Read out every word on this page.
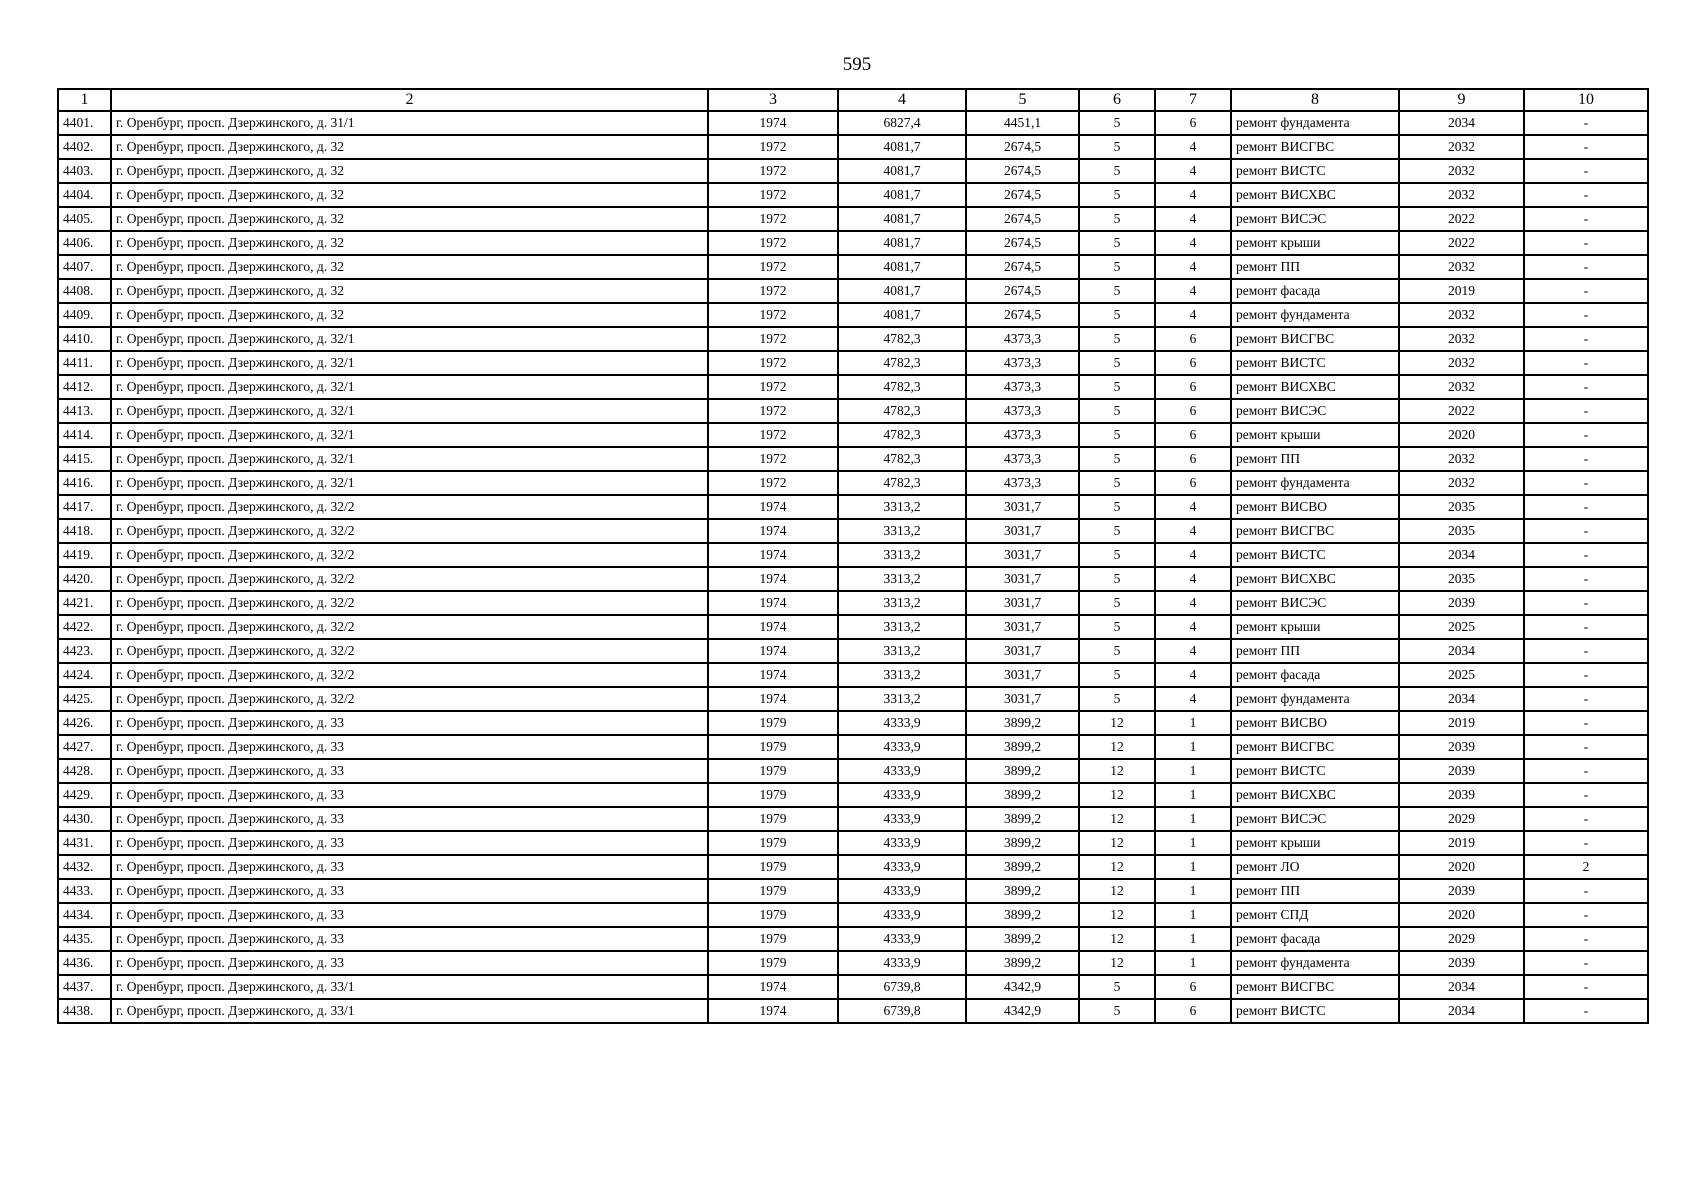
595
1	2	3	4	5	6	7	8	9	10
4401.	г. Оренбург, просп. Дзержинского, д. 31/1	1974	6827,4	4451,1	5	6	ремонт фундамента	2034	-
4402.	г. Оренбург, просп. Дзержинского, д. 32	1972	4081,7	2674,5	5	4	ремонт ВИСГВС	2032	-
4403.	г. Оренбург, просп. Дзержинского, д. 32	1972	4081,7	2674,5	5	4	ремонт ВИСТС	2032	-
4404.	г. Оренбург, просп. Дзержинского, д. 32	1972	4081,7	2674,5	5	4	ремонт ВИСХВС	2032	-
4405.	г. Оренбург, просп. Дзержинского, д. 32	1972	4081,7	2674,5	5	4	ремонт ВИСЭС	2022	-
4406.	г. Оренбург, просп. Дзержинского, д. 32	1972	4081,7	2674,5	5	4	ремонт крыши	2022	-
4407.	г. Оренбург, просп. Дзержинского, д. 32	1972	4081,7	2674,5	5	4	ремонт ПП	2032	-
4408.	г. Оренбург, просп. Дзержинского, д. 32	1972	4081,7	2674,5	5	4	ремонт фасада	2019	-
4409.	г. Оренбург, просп. Дзержинского, д. 32	1972	4081,7	2674,5	5	4	ремонт фундамента	2032	-
4410.	г. Оренбург, просп. Дзержинского, д. 32/1	1972	4782,3	4373,3	5	6	ремонт ВИСГВС	2032	-
4411.	г. Оренбург, просп. Дзержинского, д. 32/1	1972	4782,3	4373,3	5	6	ремонт ВИСТС	2032	-
4412.	г. Оренбург, просп. Дзержинского, д. 32/1	1972	4782,3	4373,3	5	6	ремонт ВИСХВС	2032	-
4413.	г. Оренбург, просп. Дзержинского, д. 32/1	1972	4782,3	4373,3	5	6	ремонт ВИСЭС	2022	-
4414.	г. Оренбург, просп. Дзержинского, д. 32/1	1972	4782,3	4373,3	5	6	ремонт крыши	2020	-
4415.	г. Оренбург, просп. Дзержинского, д. 32/1	1972	4782,3	4373,3	5	6	ремонт ПП	2032	-
4416.	г. Оренбург, просп. Дзержинского, д. 32/1	1972	4782,3	4373,3	5	6	ремонт фундамента	2032	-
4417.	г. Оренбург, просп. Дзержинского, д. 32/2	1974	3313,2	3031,7	5	4	ремонт ВИСВО	2035	-
4418.	г. Оренбург, просп. Дзержинского, д. 32/2	1974	3313,2	3031,7	5	4	ремонт ВИСГВС	2035	-
4419.	г. Оренбург, просп. Дзержинского, д. 32/2	1974	3313,2	3031,7	5	4	ремонт ВИСТС	2034	-
4420.	г. Оренбург, просп. Дзержинского, д. 32/2	1974	3313,2	3031,7	5	4	ремонт ВИСХВС	2035	-
4421.	г. Оренбург, просп. Дзержинского, д. 32/2	1974	3313,2	3031,7	5	4	ремонт ВИСЭС	2039	-
4422.	г. Оренбург, просп. Дзержинского, д. 32/2	1974	3313,2	3031,7	5	4	ремонт крыши	2025	-
4423.	г. Оренбург, просп. Дзержинского, д. 32/2	1974	3313,2	3031,7	5	4	ремонт ПП	2034	-
4424.	г. Оренбург, просп. Дзержинского, д. 32/2	1974	3313,2	3031,7	5	4	ремонт фасада	2025	-
4425.	г. Оренбург, просп. Дзержинского, д. 32/2	1974	3313,2	3031,7	5	4	ремонт фундамента	2034	-
4426.	г. Оренбург, просп. Дзержинского, д. 33	1979	4333,9	3899,2	12	1	ремонт ВИСВО	2019	-
4427.	г. Оренбург, просп. Дзержинского, д. 33	1979	4333,9	3899,2	12	1	ремонт ВИСГВС	2039	-
4428.	г. Оренбург, просп. Дзержинского, д. 33	1979	4333,9	3899,2	12	1	ремонт ВИСТС	2039	-
4429.	г. Оренбург, просп. Дзержинского, д. 33	1979	4333,9	3899,2	12	1	ремонт ВИСХВС	2039	-
4430.	г. Оренбург, просп. Дзержинского, д. 33	1979	4333,9	3899,2	12	1	ремонт ВИСЭС	2029	-
4431.	г. Оренбург, просп. Дзержинского, д. 33	1979	4333,9	3899,2	12	1	ремонт крыши	2019	-
4432.	г. Оренбург, просп. Дзержинского, д. 33	1979	4333,9	3899,2	12	1	ремонт ЛО	2020	2
4433.	г. Оренбург, просп. Дзержинского, д. 33	1979	4333,9	3899,2	12	1	ремонт ПП	2039	-
4434.	г. Оренбург, просп. Дзержинского, д. 33	1979	4333,9	3899,2	12	1	ремонт СПД	2020	-
4435.	г. Оренбург, просп. Дзержинского, д. 33	1979	4333,9	3899,2	12	1	ремонт фасада	2029	-
4436.	г. Оренбург, просп. Дзержинского, д. 33	1979	4333,9	3899,2	12	1	ремонт фундамента	2039	-
4437.	г. Оренбург, просп. Дзержинского, д. 33/1	1974	6739,8	4342,9	5	6	ремонт ВИСГВС	2034	-
4438.	г. Оренбург, просп. Дзержинского, д. 33/1	1974	6739,8	4342,9	5	6	ремонт ВИСТС	2034	-
